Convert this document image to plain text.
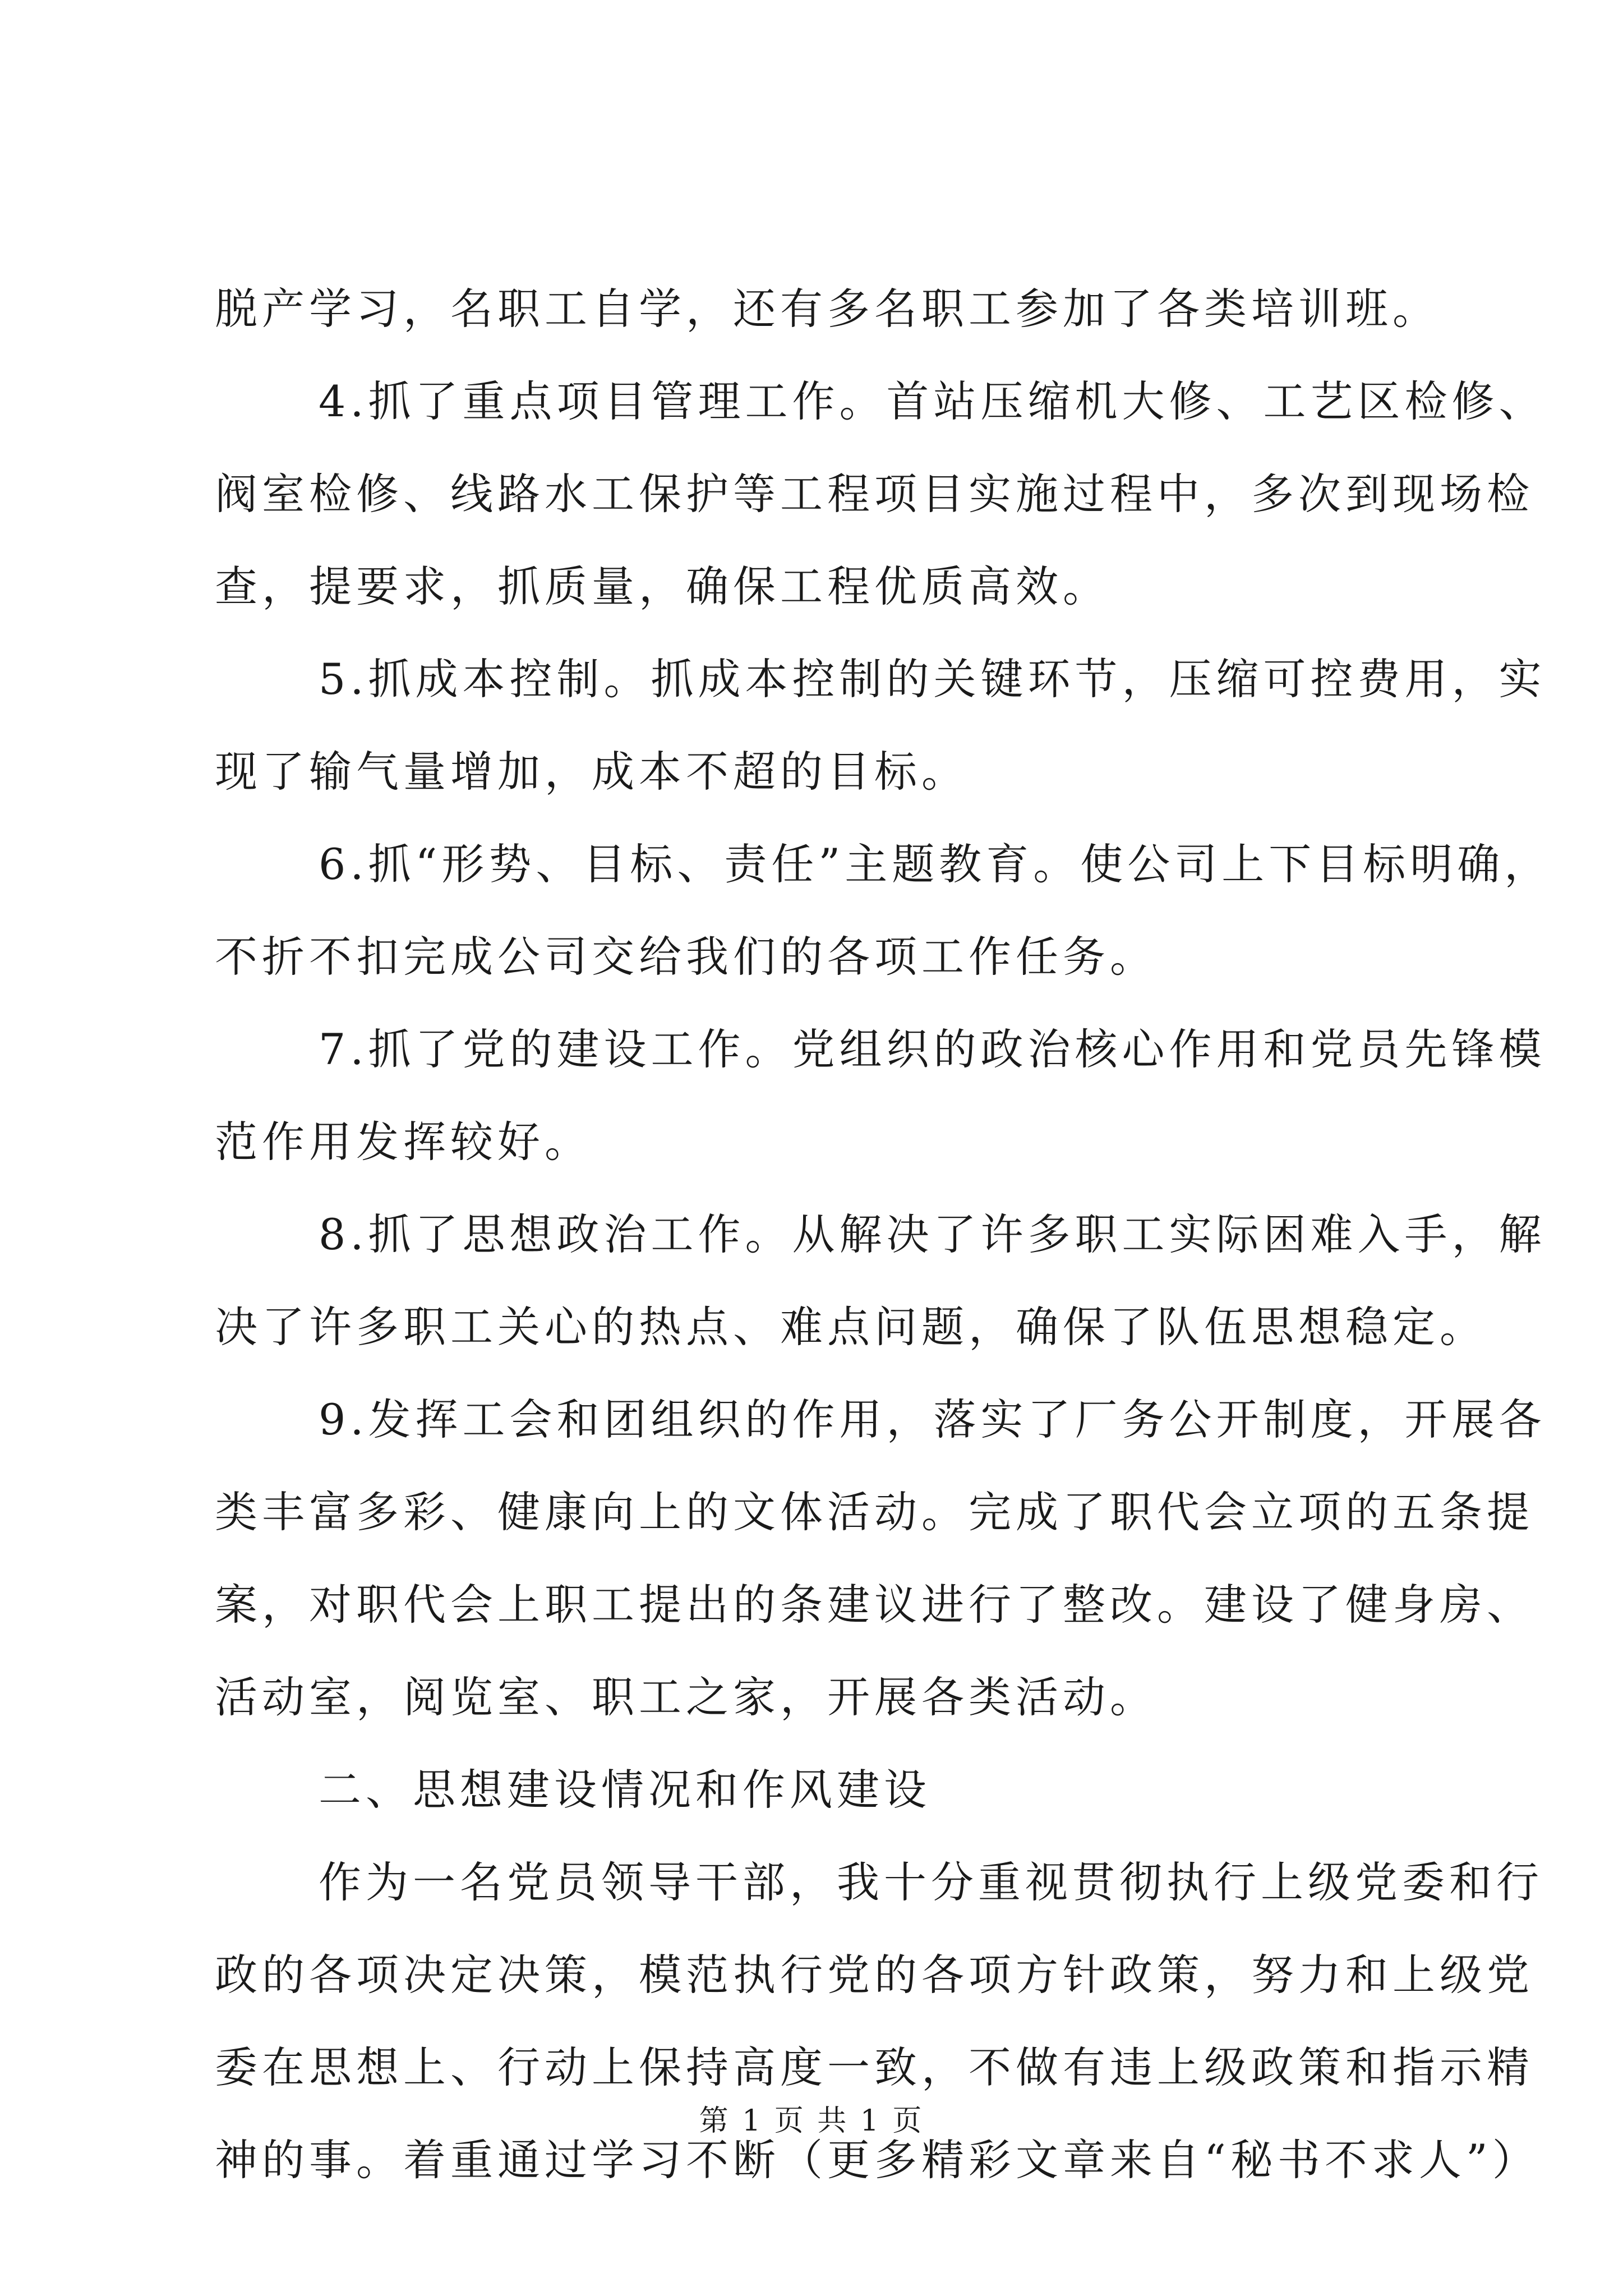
脱产学习，名职工自学，还有多名职工参加了各类培训班。
4.抓了重点项目管理工作。首站压缩机大修、工艺区检修、
阀室检修、线路水工保护等工程项目实施过程中，多次到现场检
查，提要求，抓质量，确保工程优质高效。
5.抓成本控制。抓成本控制的关键环节，压缩可控费用，实
现了输气量增加，成本不超的目标。
6.抓“形势、目标、责任”主题教育。使公司上下目标明确，
不折不扣完成公司交给我们的各项工作任务。
7.抓了党的建设工作。党组织的政治核心作用和党员先锋模
范作用发挥较好。
8.抓了思想政治工作。从解决了许多职工实际困难入手，解
决了许多职工关心的热点、难点问题，确保了队伍思想稳定。
9.发挥工会和团组织的作用，落实了厂务公开制度，开展各
类丰富多彩、健康向上的文体活动。完成了职代会立项的五条提
案，对职代会上职工提出的条建议进行了整改。建设了健身房、
活动室，阅览室、职工之家，开展各类活动。
二、思想建设情况和作风建设
作为一名党员领导干部，我十分重视贯彻执行上级党委和行
政的各项决定决策，模范执行党的各项方针政策，努力和上级党
委在思想上、行动上保持高度一致，不做有违上级政策和指示精
神的事。着重通过学习不断（更多精彩文章来自“秘书不求人”）
第 1 页 共 1 页
